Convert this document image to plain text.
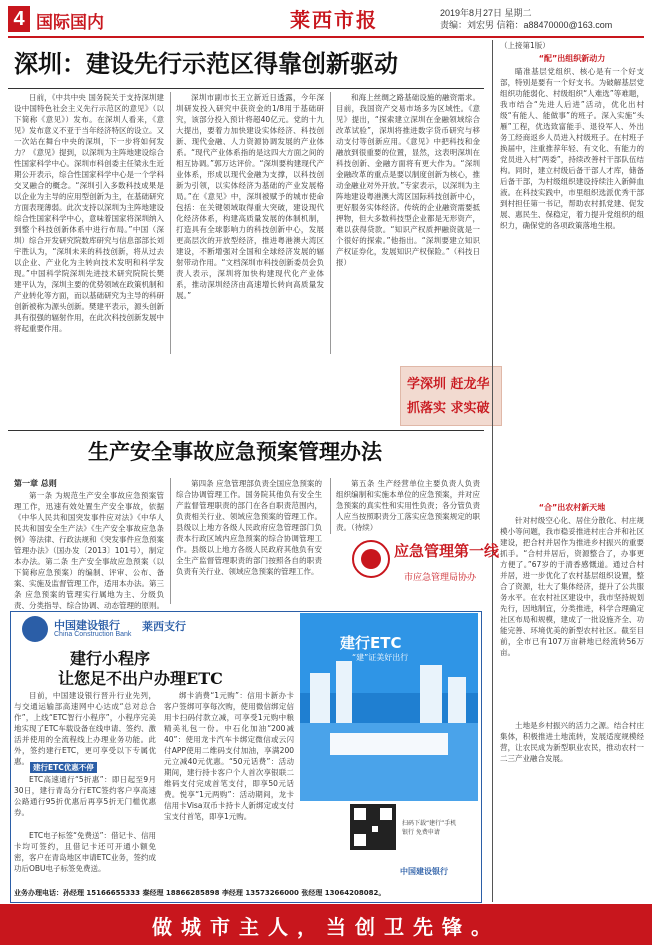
4 国际国内	莱西市报	2019年8月27日 星期二
责编：刘宏男 信箱：a88470000@163.com
深圳：建设先行示范区得靠创新驱动

日前，《中共中央 国务院关于支持深圳建设中国特色社会主义先行示范区的意见》（以下简称《意见》）发布。在深圳人看来，《意见》发布意义不亚于当年经济特区的设立。又一次站在舞台中央的深圳，下一步将如何发力？《意见》提到，以深圳为主阵地建设综合性国家科学中心。深圳市科创委主任梁永生近期公开表示，综合性国家科学中心是一个学科交叉融合的概念。“深圳引入多数科技成果是以企业为主导的应用型创新为主，在基础研究方面表现薄弱。此次支持以深圳为主阵地建设综合性国家科学中心，意味着国家将深圳纳入到整个科技创新体系中进行布局。”中国（深圳）综合开发研究院数库研究与信息部部长刘宇胜认为，“深圳未来的科技创新，将从过去以企业、产业化为主转向技术发明和科学发现。”中国科学院深圳先进技术研究院院长樊建平认为，深圳主要的优势领域在政策机制和产业转化等方面，而以基础研究为主导的科研创新被称为源头创新。樊建平表示，源头创新具有很强的辐射作用，在此次科技创新发展中将起重要作用。

深圳市副市长王立新近日透露，今年深圳研发投入研究中获资金的1/8用于基础研究，该部分投入预计将超40亿元。党的十九大提出，要着力加快建设实体经济、科技创新、现代金融、人力资源协调发展的产业体系。“现代产业体系指的是这四大方面之间的相互协调。”郭万达评价。“深圳要构建现代产业体系，形成以现代金融为支撑，以科技创新为引领，以实体经济为基础的产业发展格局。”在《意见》中，深圳被赋予的城市使命包括：在关键领域取得重大突破，建设现代化经济体系，构建高质量发展的体制机制，打造具有全球影响力的科技创新中心，发展更高层次的开放型经济，推进粤港澳大湾区建设，不断增强对全国和全球经济发展的辐射带动作用。“文档深圳市科技创新委员会负责人表示，深圳将加快构建现代化产业体系，推动深圳经济由高速增长转向高质量发展。”

和海上丝绸之路基础设施的融资需求。目前，我国资产交易市场多为区域性。《意见》提出，“探索建立深圳在金融领域综合改革试验”，深圳将推进数字货币研究与移动支付等创新应用。《意见》中把科技和金融放到很重要的位置，显然，这表明深圳在科技创新、金融方面将有更大作为。“深圳金融改革的重点是要以制度创新为核心，推动金融业对外开放。”专家表示，以深圳为主阵地建设粤港澳大湾区国际科技创新中心，更好服务实体经济。传统的企业融资需要抵押物，但大多数科技型企业都是无形资产，难以获得贷款。“知识产权质押融资就是一个很好的探索。”他指出。“深圳要建立知识产权证券化，发展知识产权保险。”（科技日报）

学深圳 赶龙华
抓落实 求实破
（上接第1版）
“配”出组织新动力

瞄准基层党组织、核心是有一个好支部，特别是要有一个好支书。为破解基层党组织功能弱化、村级组织“人难选”等难题，我市结合“先进人后进”活动，优化出村级“有能人、能做事”的班子。深入实施“头雁”工程，优选致富能手、退役军人、外出务工经商返乡人员进入村级班子。在村班子换届中，注重推荐年轻、有文化、有能力的党员进入村“两委”，持续改善村干部队伍结构。同时，建立村级后备干部人才库，储备后备干部，为村级组织建设持续注入新鲜血液。在科技实践中，市里组织选派优秀干部到村担任第一书记，帮助农村抓党建、促发展、惠民生、保稳定，着力提升党组织的组织力，确保党的各项政策落地生根。

“合”出农村新天地

针对村级空心化、居住分散化、村庄规模小等问题，我市稳妥推进村庄合并和社区建设，把合村并居作为推进乡村振兴的重要抓手。“合村并居后，资源整合了，办事更方便了。”67岁的于清香感慨道。通过合村并居，进一步优化了农村基层组织设置，整合了资源，壮大了集体经济，提升了公共服务水平。在农村社区建设中，我市坚持规划先行，因地制宜，分类推进，科学合理确定社区布局和规模，建成了一批设施齐全、功能完善、环境优美的新型农村社区。截至目前，全市已有107万亩耕地已经流转56万亩。

土地是乡村振兴的活力之源。结合村庄集体，积极推进土地流转，发展适度规模经营，让农民成为新型职业农民，推动农村一二三产业融合发展。

生产安全事故应急预案管理办法
第一章 总则

第一条 为规范生产安全事故应急预案管理工作，迅速有效处置生产安全事故，依据《中华人民共和国突发事件应对法》《中华人民共和国安全生产法》《生产安全事故应急条例》等法律、行政法规和《突发事件应急预案管理办法》（国办发〔2013〕101号），制定本办法。第二条 生产安全事故应急预案（以下简称应急预案）的编制、评审、公布、备案、实施及监督管理工作，适用本办法。第三条 应急预案的管理实行属地为主、分级负责、分类指导、综合协调、动态管理的原则。

第四条 应急管理部负责全国应急预案的综合协调管理工作。国务院其他负有安全生产监督管理职责的部门在各自职责范围内，负责相关行业、领域应急预案的管理工作。县级以上地方各级人民政府应急管理部门负责本行政区域内应急预案的综合协调管理工作。县级以上地方各级人民政府其他负有安全生产监督管理职责的部门按照各自的职责负责有关行业、领域应急预案的管理工作。

第五条 生产经营单位主要负责人负责组织编制和实施本单位的应急预案，并对应急预案的真实性和实用性负责；各分管负责人应当按照职责分工落实应急预案规定的职责。（待续）

应急管理第一线
市应急管理局协办
中国建设银行
China Construction Bank
莱西支行
建行小程序
让您足不出户办理ETC

目前，中国建设银行晋升行业先列，与交通运输部高速网中心达成“总对总合作”，上线“ETC智行小程序”，小程序完美地实现了ETC车载设备在线申请、签约、激活并使用的全流程线上办理业务功能。此外，签约建行ETC，更可享受以下专属优惠。

建行ETC优惠不停

ETC高速通行“5折惠”：即日起至9月30日，建行青岛分行ETC签约客户享高速公路通行95折优惠后再享5折无门槛优惠券。

ETC电子标签“免费送”：借记卡、信用卡均可签约，且借记卡还可开通小额免密，客户在青岛地区申请ETC业务，签约成功后OBU电子标签免费送。

绑卡消费“1元购”：信用卡新办卡客户签绑可享每次购，使用微信绑定信用卡扫码付款立减，可享受1元购中粮精美礼包一份。中石化加油“200减40”：使用龙卡汽车卡绑定微信或云闪付APP使用二维码支付加油，享满200元立减40元优惠。“50元话费”：活动期间，建行持卡客户个人首次享银联二维码支付完成首笔支付，即享50元话费。悦享“1元两购”：活动期间，龙卡信用卡Visa双币卡持卡人新绑定或支付宝支付首笔，即享1元购。

建行ETC
“建”证美好出行
扫码下载“建行”手机银行 免费申请
中国建设银行
业务办理电话：孙经理 15166655333 秦经理 18866285898 李经理 13573266000 张经理 13064208082。
做城市主人，当创卫先锋。
